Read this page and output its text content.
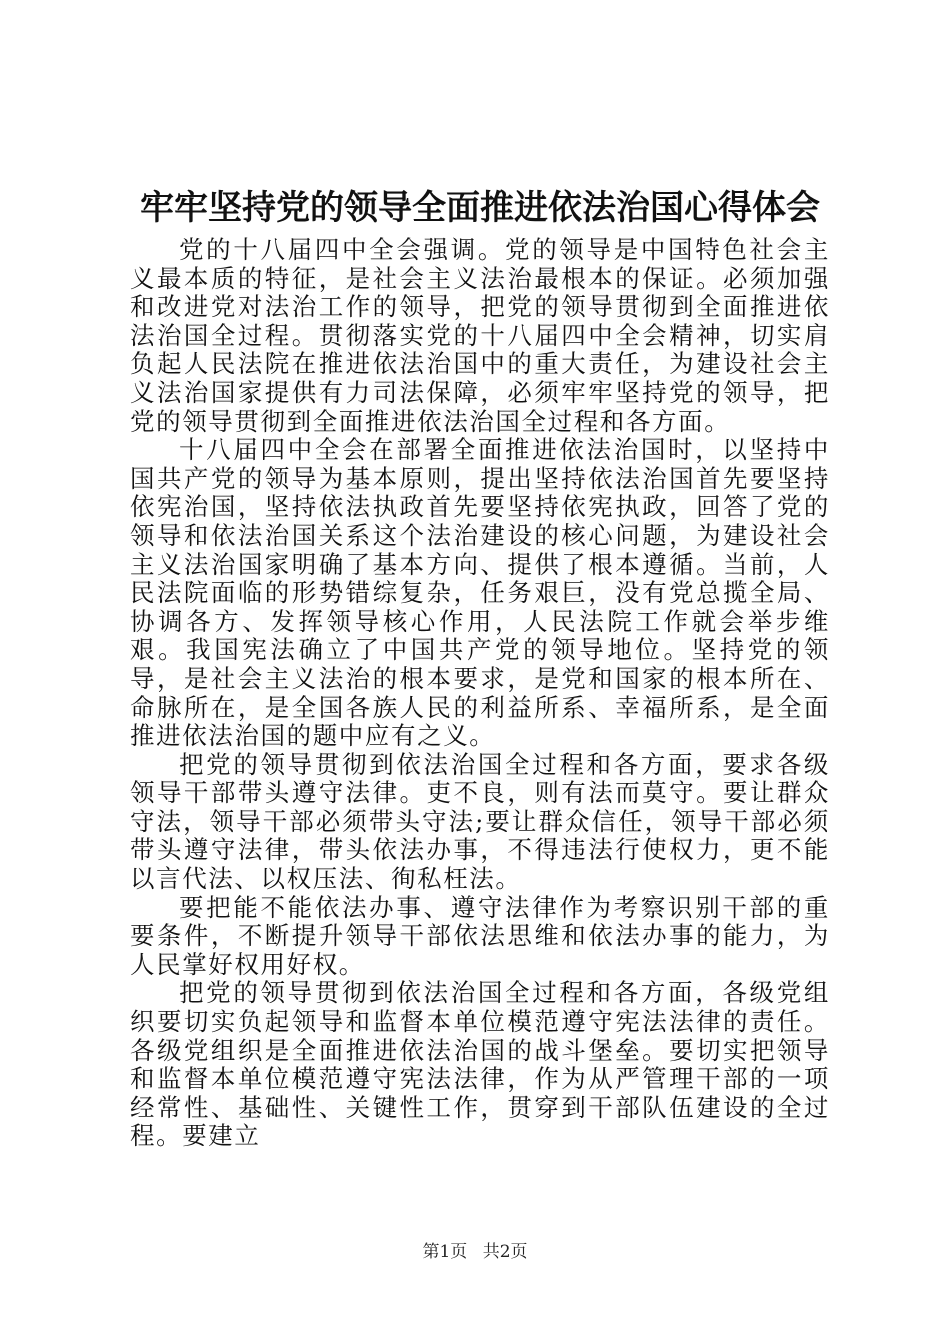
牢牢坚持党的领导全面推进依法治国心得体会

党的十八届四中全会强调。党的领导是中国特色社会主义最本质的特征，是社会主义法治最根本的保证。必须加强和改进党对法治工作的领导，把党的领导贯彻到全面推进依法治国全过程。贯彻落实党的十八届四中全会精神，切实肩负起人民法院在推进依法治国中的重大责任，为建设社会主义法治国家提供有力司法保障，必须牢牢坚持党的领导，把党的领导贯彻到全面推进依法治国全过程和各方面。

十八届四中全会在部署全面推进依法治国时，以坚持中国共产党的领导为基本原则，提出坚持依法治国首先要坚持依宪治国，坚持依法执政首先要坚持依宪执政，回答了党的领导和依法治国关系这个法治建设的核心问题，为建设社会主义法治国家明确了基本方向、提供了根本遵循。当前，人民法院面临的形势错综复杂，任务艰巨，没有党总揽全局、协调各方、发挥领导核心作用，人民法院工作就会举步维艰。我国宪法确立了中国共产党的领导地位。坚持党的领导，是社会主义法治的根本要求，是党和国家的根本所在、命脉所在，是全国各族人民的利益所系、幸福所系，是全面推进依法治国的题中应有之义。

把党的领导贯彻到依法治国全过程和各方面，要求各级领导干部带头遵守法律。吏不良，则有法而莫守。要让群众守法，领导干部必须带头守法;要让群众信任，领导干部必须带头遵守法律，带头依法办事，不得违法行使权力，更不能以言代法、以权压法、徇私枉法。

要把能不能依法办事、遵守法律作为考察识别干部的重要条件，不断提升领导干部依法思维和依法办事的能力，为人民掌好权用好权。

把党的领导贯彻到依法治国全过程和各方面，各级党组织要切实负起领导和监督本单位模范遵守宪法法律的责任。各级党组织是全面推进依法治国的战斗堡垒。要切实把领导和监督本单位模范遵守宪法法律，作为从严管理干部的一项经常性、基础性、关键性工作，贯穿到干部队伍建设的全过程。要建立

第1页 共2页
